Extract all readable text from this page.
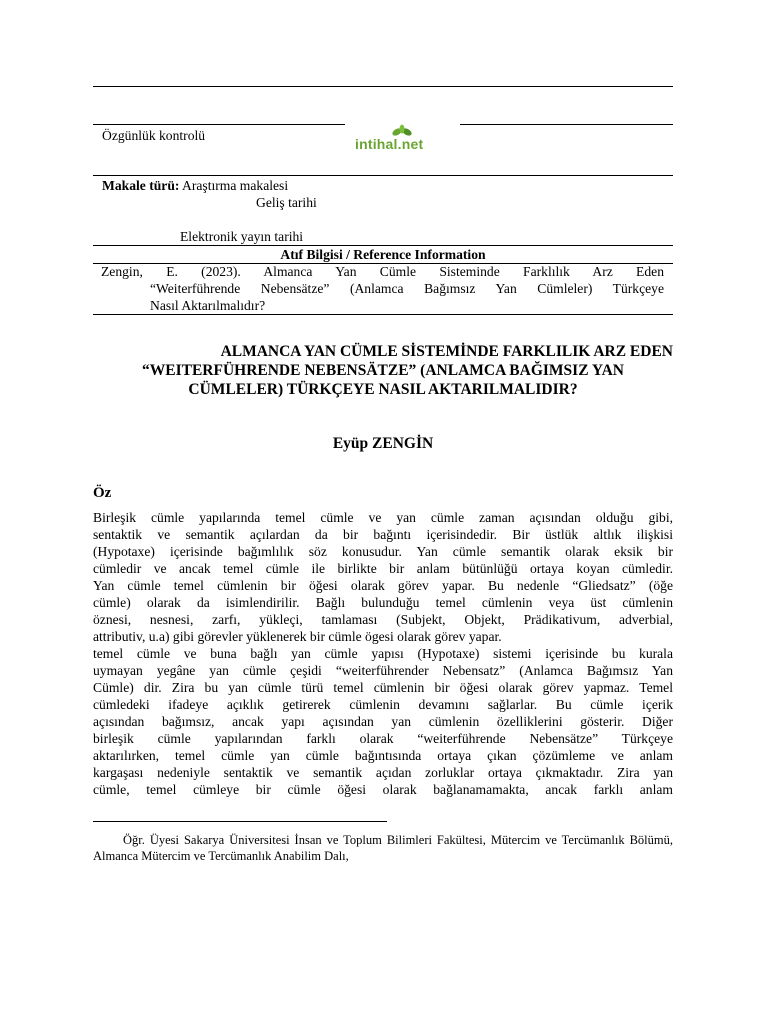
Özgünlük kontrolü
intihal.net
Makale türü: Araştırma makalesi
Geliş tarihi
Elektronik yayın tarihi
Atıf Bilgisi / Reference Information
Zengin, E. (2023). Almanca Yan Cümle Sisteminde Farklılık Arz Eden
“Weiterführende Nebensätze” (Anlamca Bağımsız Yan Cümleler) Türkçeye
Nasıl Aktarılmalıdır?
ALMANCA YAN CÜMLE SİSTEMİNDE FARKLILIK ARZ EDEN
“WEITERFÜHRENDE NEBENSÄTZE” (ANLAMCA BAĞIMSIZ YAN
CÜMLELER) TÜRKÇEYE NASIL AKTARILMALIDIR?
Eyüp ZENGİN
Öz
Birleşik cümle yapılarında temel cümle ve yan cümle zaman açısından olduğu gibi,
sentaktik ve semantik açılardan da bir bağıntı içerisindedir. Bir üstlük altlık ilişkisi
(Hypotaxe) içerisinde bağımlılık söz konusudur. Yan cümle semantik olarak eksik bir
cümledir ve ancak temel cümle ile birlikte bir anlam bütünlüğü ortaya koyan cümledir.
Yan cümle temel cümlenin bir öğesi olarak görev yapar. Bu nedenle “Gliedsatz” (öğe
cümle) olarak da isimlendirilir. Bağlı bulunduğu temel cümlenin veya üst cümlenin
öznesi, nesnesi, zarfı, yükleçi, tamlaması (Subjekt, Objekt, Prädikativum, adverbial,
attributiv, u.a) gibi görevler yüklenerek bir cümle ögesi olarak görev yapar.
temel cümle ve buna bağlı yan cümle yapısı (Hypotaxe) sistemi içerisinde bu kurala
uymayan yegâne yan cümle çeşidi “weiterführender Nebensatz” (Anlamca Bağımsız Yan
Cümle) dir. Zira bu yan cümle türü temel cümlenin bir öğesi olarak görev yapmaz. Temel
cümledeki ifadeye açıklık getirerek cümlenin devamını sağlarlar. Bu cümle içerik
açısından bağımsız, ancak yapı açısından yan cümlenin özelliklerini gösterir. Diğer
birleşik cümle yapılarından farklı olarak “weiterführende Nebensätze” Türkçeye
aktarılırken, temel cümle yan cümle bağıntısında ortaya çıkan çözümleme ve anlam
kargaşası nedeniyle sentaktik ve semantik açıdan zorluklar ortaya çıkmaktadır. Zira yan
cümle, temel cümleye bir cümle öğesi olarak bağlanamamakta, ancak farklı anlam
Öğr. Üyesi Sakarya Üniversitesi İnsan ve Toplum Bilimleri Fakültesi, Mütercim ve Tercümanlık Bölümü, Almanca Mütercim ve Tercümanlık Anabilim Dalı,
